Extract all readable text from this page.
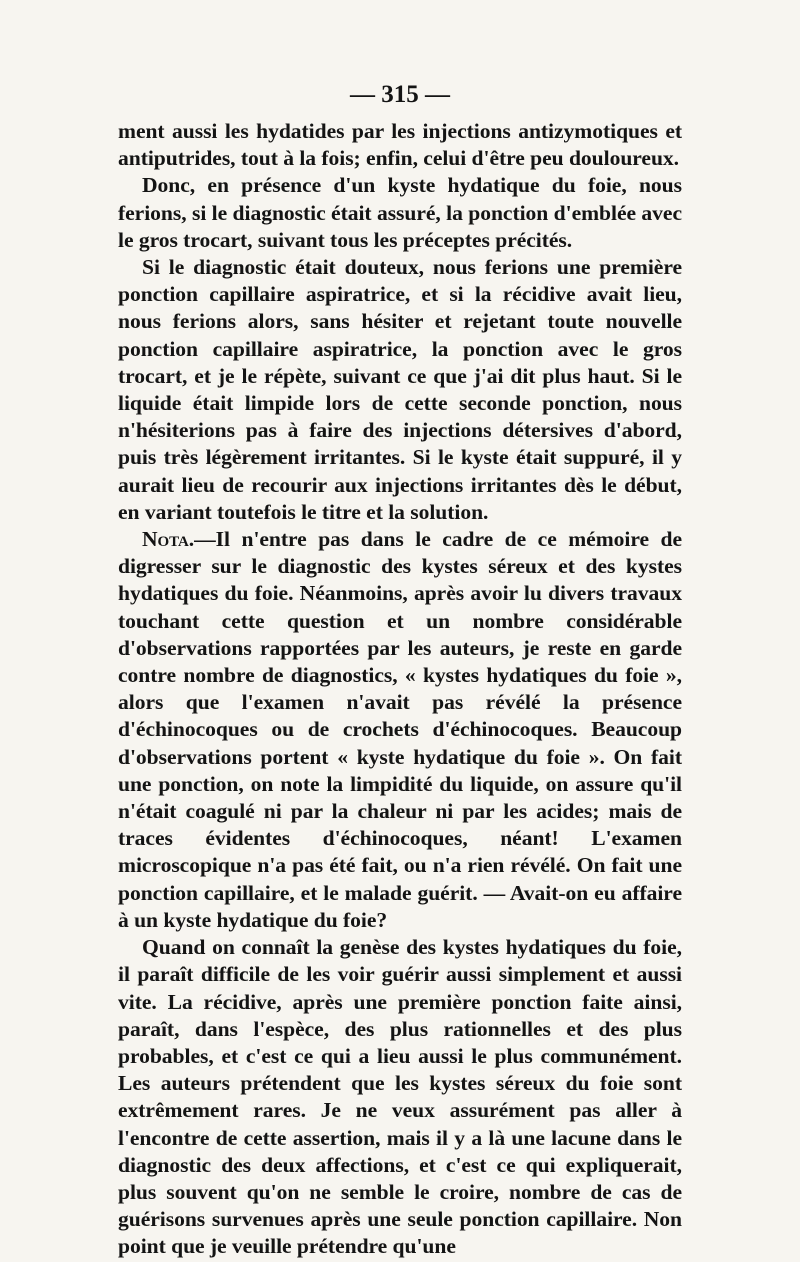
— 315 —

ment aussi les hydatides par les injections antizymotiques et antiputrides, tout à la fois; enfin, celui d'être peu douloureux.

Donc, en présence d'un kyste hydatique du foie, nous ferions, si le diagnostic était assuré, la ponction d'emblée avec le gros trocart, suivant tous les préceptes précités.

Si le diagnostic était douteux, nous ferions une première ponction capillaire aspiratrice, et si la récidive avait lieu, nous ferions alors, sans hésiter et rejetant toute nouvelle ponction capillaire aspiratrice, la ponction avec le gros trocart, et je le répète, suivant ce que j'ai dit plus haut. Si le liquide était limpide lors de cette seconde ponction, nous n'hésiterions pas à faire des injections détersives d'abord, puis très légèrement irritantes. Si le kyste était suppuré, il y aurait lieu de recourir aux injections irritantes dès le début, en variant toutefois le titre et la solution.

Nota.—Il n'entre pas dans le cadre de ce mémoire de digresser sur le diagnostic des kystes séreux et des kystes hydatiques du foie. Néanmoins, après avoir lu divers travaux touchant cette question et un nombre considérable d'observations rapportées par les auteurs, je reste en garde contre nombre de diagnostics, « kystes hydatiques du foie », alors que l'examen n'avait pas révélé la présence d'échinocoques ou de crochets d'échinocoques. Beaucoup d'observations portent « kyste hydatique du foie ». On fait une ponction, on note la limpidité du liquide, on assure qu'il n'était coagulé ni par la chaleur ni par les acides; mais de traces évidentes d'échinocoques, néant! L'examen microscopique n'a pas été fait, ou n'a rien révélé. On fait une ponction capillaire, et le malade guérit. — Avait-on eu affaire à un kyste hydatique du foie?

Quand on connaît la genèse des kystes hydatiques du foie, il paraît difficile de les voir guérir aussi simplement et aussi vite. La récidive, après une première ponction faite ainsi, paraît, dans l'espèce, des plus rationnelles et des plus probables, et c'est ce qui a lieu aussi le plus communément. Les auteurs prétendent que les kystes séreux du foie sont extrêmement rares. Je ne veux assurément pas aller à l'encontre de cette assertion, mais il y a là une lacune dans le diagnostic des deux affections, et c'est ce qui expliquerait, plus souvent qu'on ne semble le croire, nombre de cas de guérisons survenues après une seule ponction capillaire. Non point que je veuille prétendre qu'une
